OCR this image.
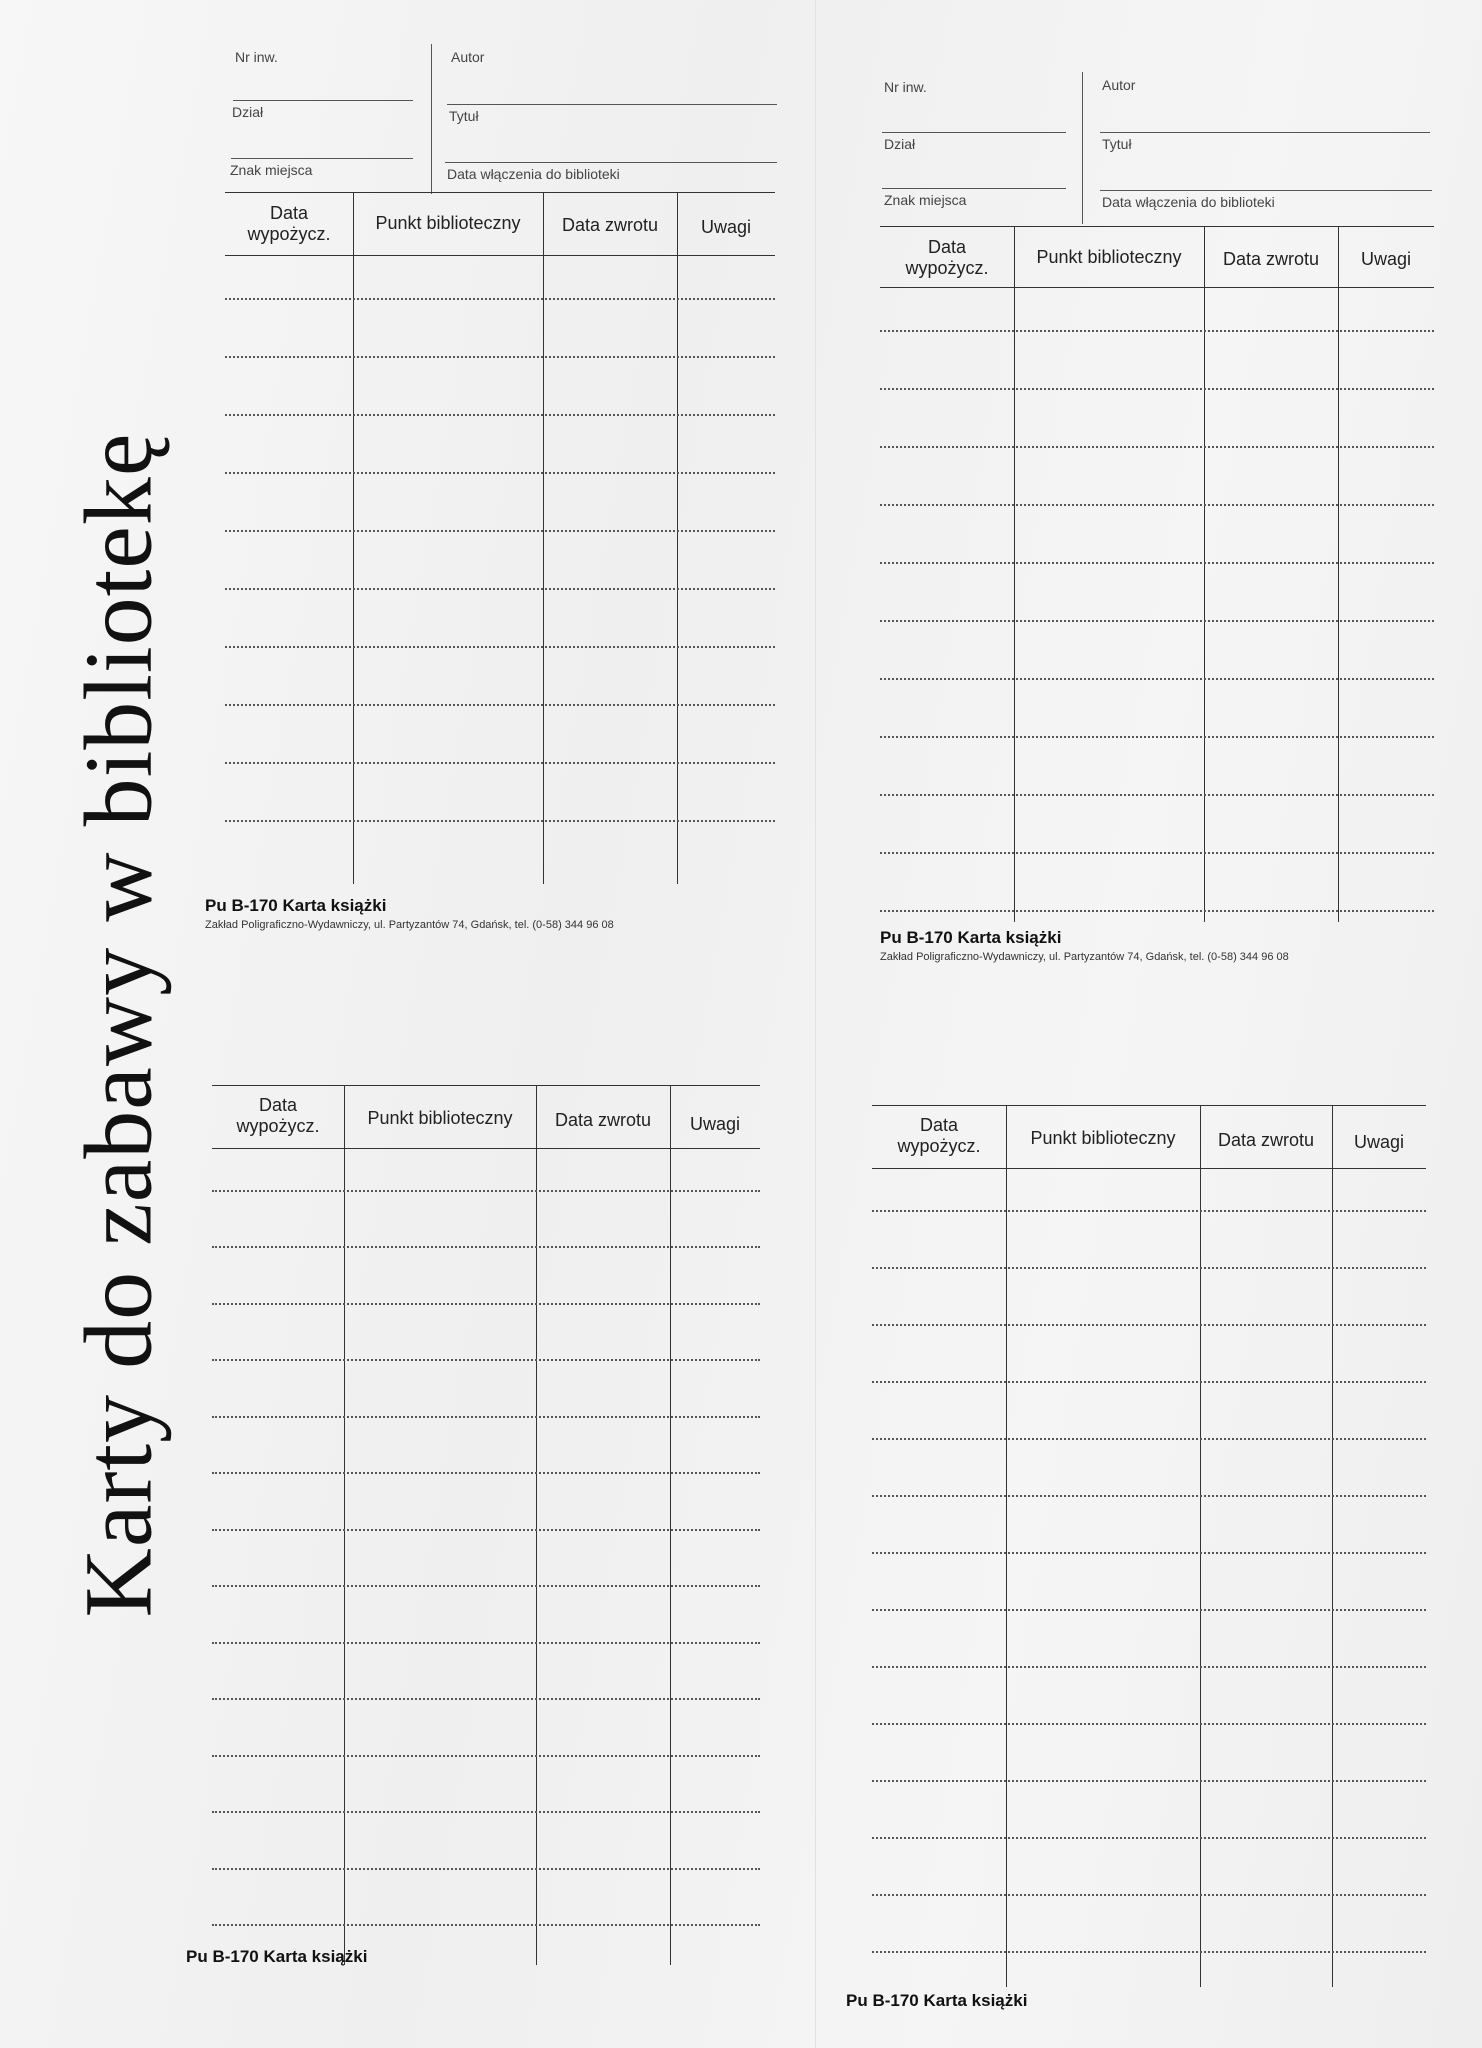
Karty do zabawy w bibliotekę
Nr inw.
Dział
Znak miejsca
Autor
Tytuł
Data włączenia do biblioteki
Data
wypożycz.
Punkt biblioteczny	Data zwrotu	Uwagi
Pu B-170 Karta książki
Zakład Poligraficzno-Wydawniczy, ul. Partyzantów 74, Gdańsk, tel. (0-58) 344 96 08
Nr inw.
Dział
Znak miejsca
Autor
Tytuł
Data włączenia do biblioteki
Data
wypożycz.
Punkt biblioteczny	Data zwrotu	Uwagi
Pu B-170 Karta książki
Zakład Poligraficzno-Wydawniczy, ul. Partyzantów 74, Gdańsk, tel. (0-58) 344 96 08
Data
wypożycz.	Punkt biblioteczny	Data zwrotu	Uwagi
Pu B-170 Karta książki
Data
wypożycz.	Punkt biblioteczny	Data zwrotu	Uwagi
Pu B-170 Karta książki
